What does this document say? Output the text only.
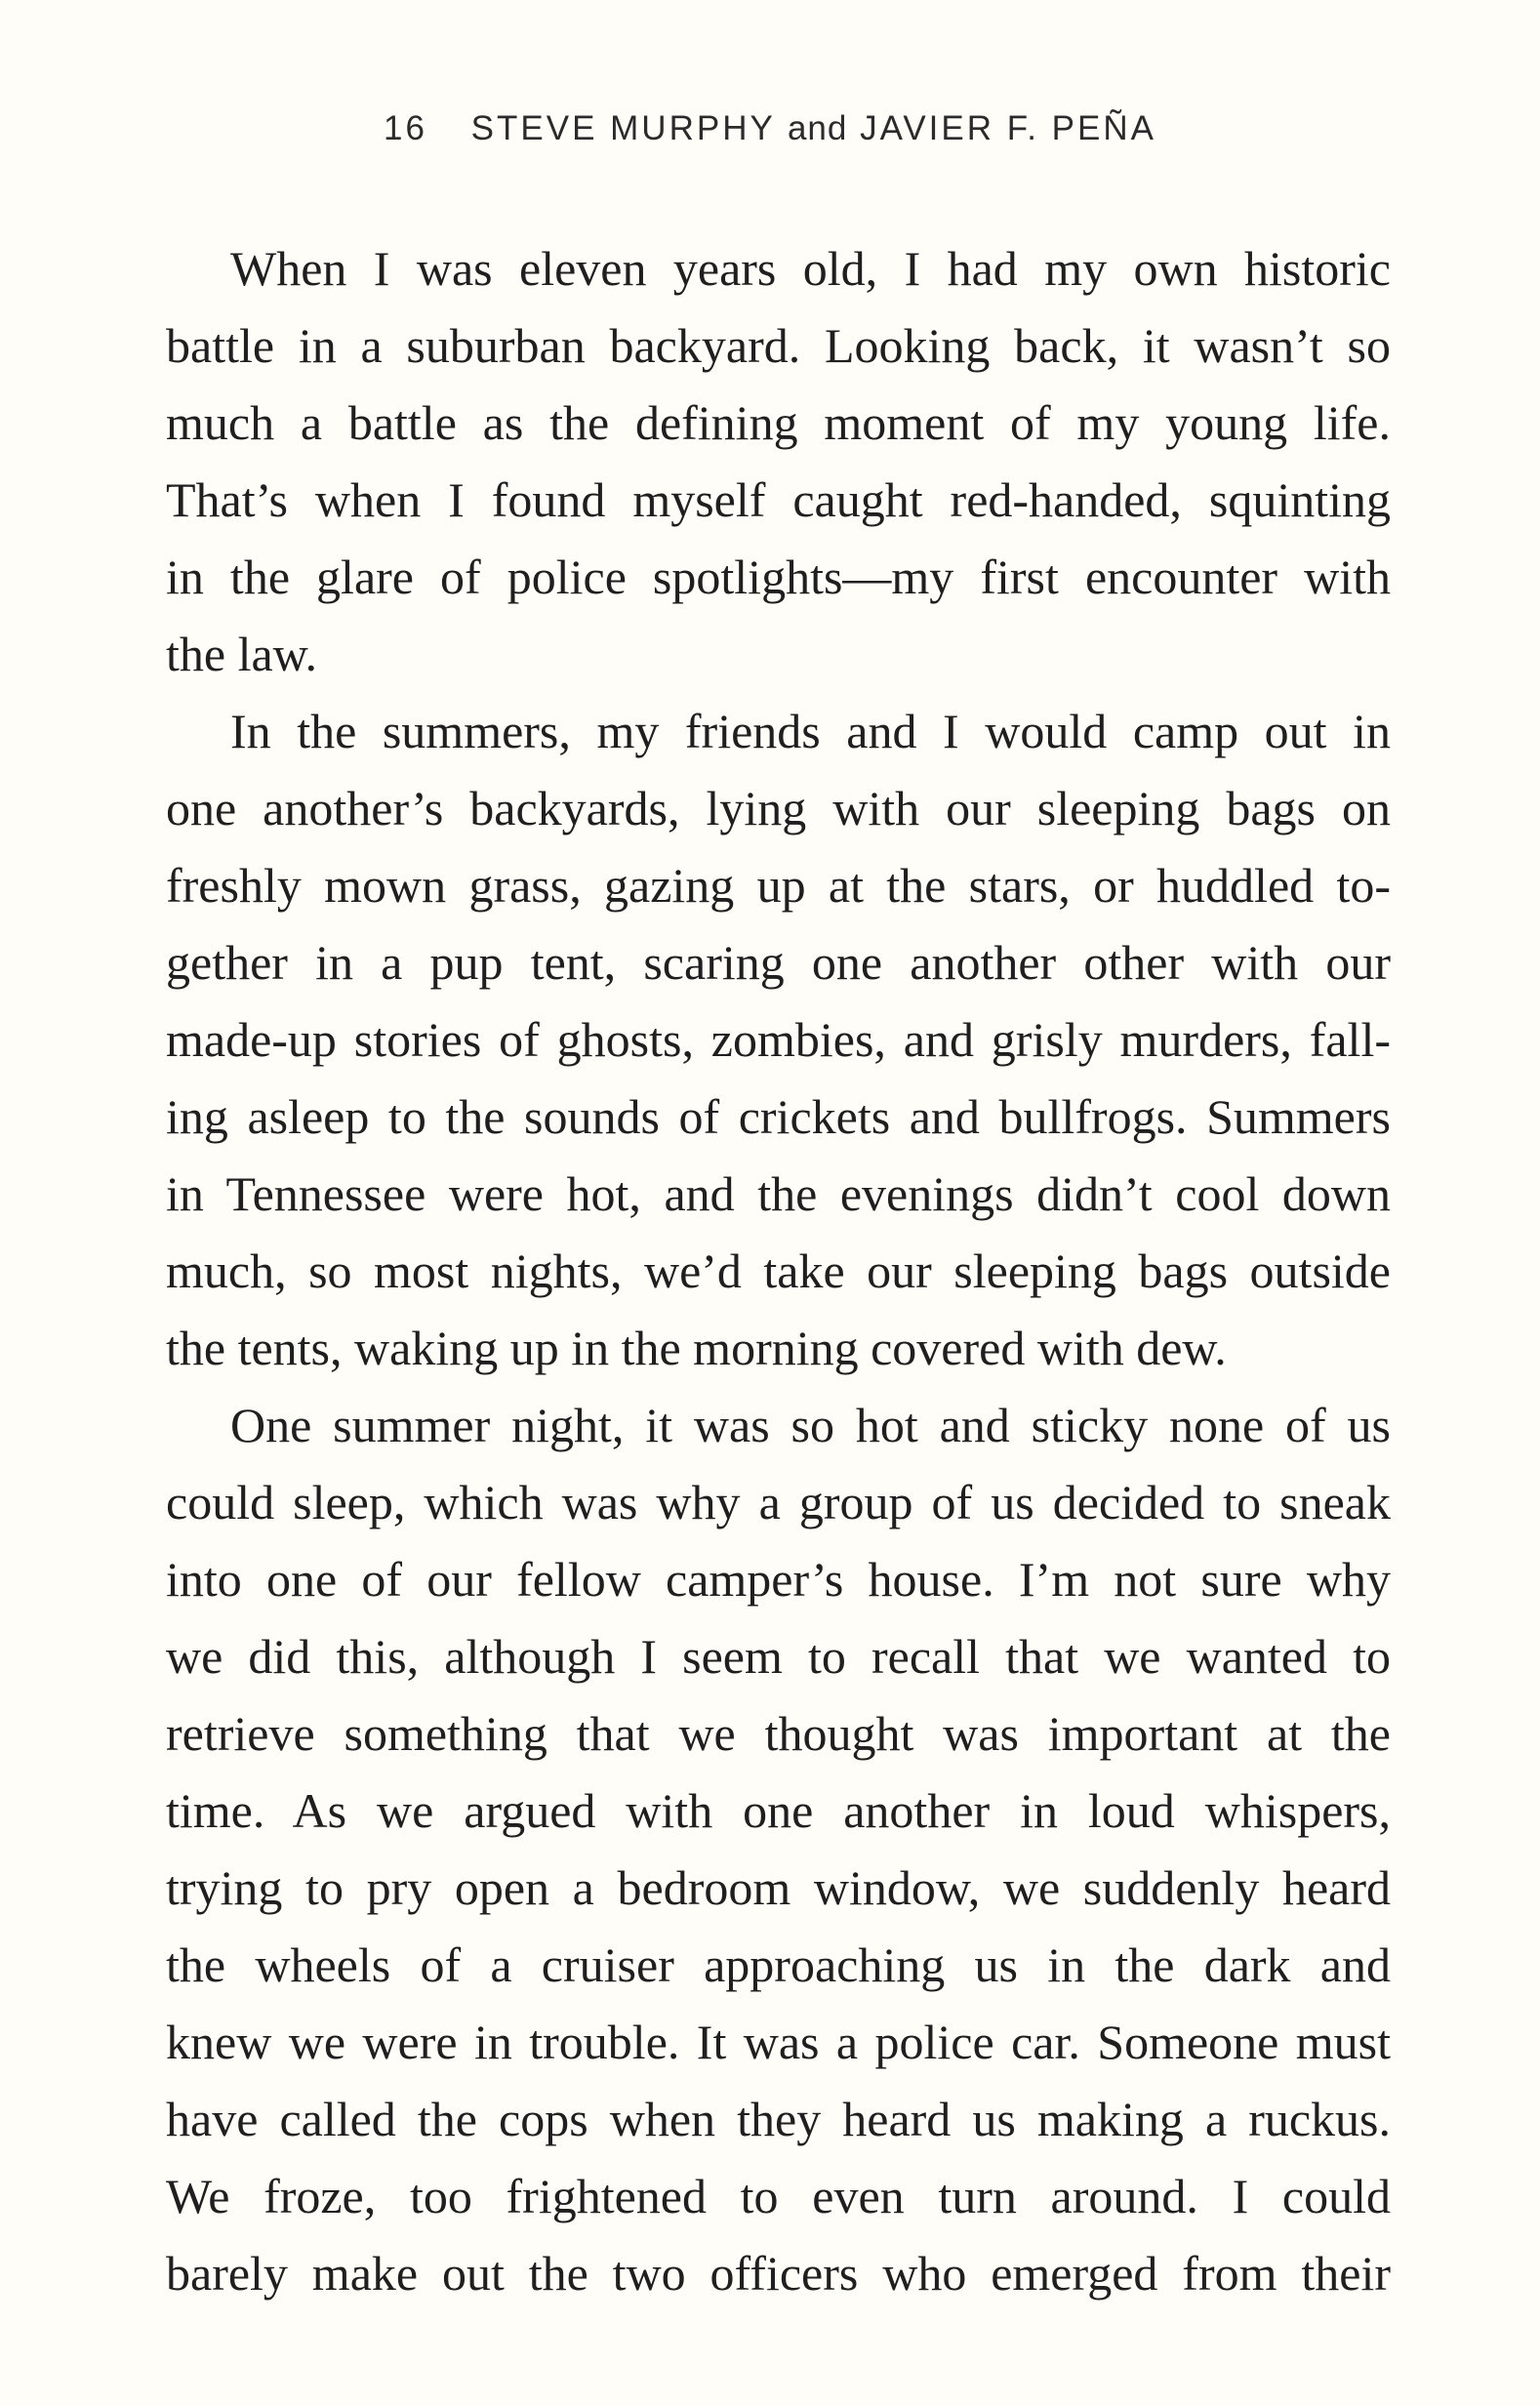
16 STEVE MURPHY and JAVIER F. PEÑA
When I was eleven years old, I had my own historic
battle in a suburban backyard. Looking back, it wasn’t so
much a battle as the defining moment of my young life.
That’s when I found myself caught red-handed, squinting
in the glare of police spotlights—my first encounter with
the law.
In the summers, my friends and I would camp out in
one another’s backyards, lying with our sleeping bags on
freshly mown grass, gazing up at the stars, or huddled to-
gether in a pup tent, scaring one another other with our
made-up stories of ghosts, zombies, and grisly murders, fall-
ing asleep to the sounds of crickets and bullfrogs. Summers
in Tennessee were hot, and the evenings didn’t cool down
much, so most nights, we’d take our sleeping bags outside
the tents, waking up in the morning covered with dew.
One summer night, it was so hot and sticky none of us
could sleep, which was why a group of us decided to sneak
into one of our fellow camper’s house. I’m not sure why
we did this, although I seem to recall that we wanted to
retrieve something that we thought was important at the
time. As we argued with one another in loud whispers,
trying to pry open a bedroom window, we suddenly heard
the wheels of a cruiser approaching us in the dark and
knew we were in trouble. It was a police car. Someone must
have called the cops when they heard us making a ruckus.
We froze, too frightened to even turn around. I could
barely make out the two officers who emerged from their
